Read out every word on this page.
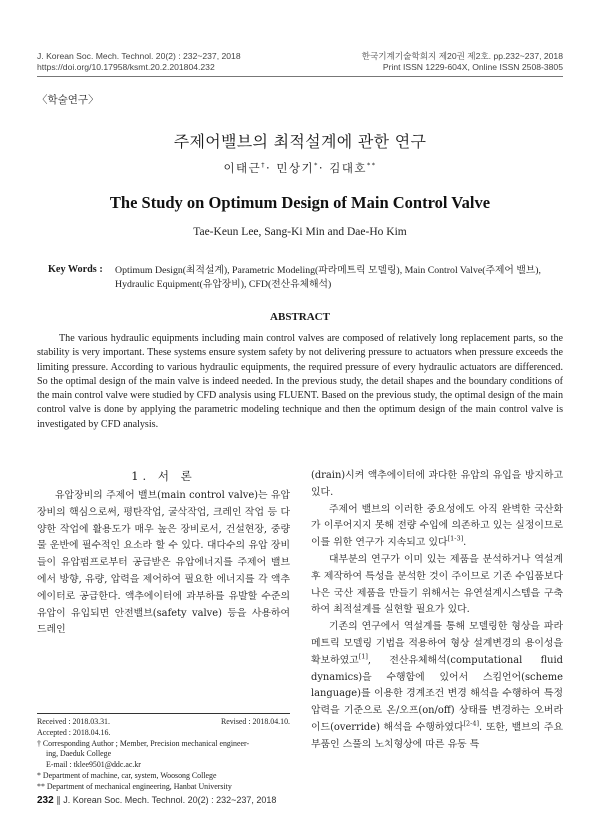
J. Korean Soc. Mech. Technol. 20(2) : 232~237, 2018
https://doi.org/10.17958/ksmt.20.2.201804.232
한국기계기술학회지 제20권 제2호. pp.232~237, 2018
Print ISSN 1229-604X, Online ISSN 2508-3805
〈학술연구〉
주제어밸브의 최적설계에 관한 연구
이태근†· 민상기*· 김대호**
The Study on Optimum Design of Main Control Valve
Tae-Keun Lee, Sang-Ki Min and Dae-Ho Kim
Key Words : Optimum Design(최적설계), Parametric Modeling(파라메트릭 모델링), Main Control Valve(주제어 밸브), Hydraulic Equipment(유압장비), CFD(전산유체해석)
ABSTRACT
The various hydraulic equipments including main control valves are composed of relatively long replacement parts, so the stability is very important. These systems ensure system safety by not delivering pressure to actuators when pressure exceeds the limiting pressure. According to various hydraulic equipments, the required pressure of every hydraulic actuators are differenced. So the optimal design of the main valve is indeed needed. In the previous study, the detail shapes and the boundary conditions of the main control valve were studied by CFD analysis using FLUENT. Based on the previous study, the optimal design of the main control valve is done by applying the parametric modeling technique and then the optimum design of the main control valve is investigated by CFD analysis.
1. 서 론

유압장비의 주제어 밸브(main control valve)는 유압장비의 핵심으로써, 평탄작업, 굴삭작업, 크레인 작업 등 다양한 작업에 활용도가 매우 높은 장비로서, 건설현장, 중량물 운반에 필수적인 요소라 할 수 있다. 대다수의 유압 장비들이 유압펌프로부터 공급받은 유압에너지를 주제어 밸브에서 방향, 유량, 압력을 제어하여 필요한 에너지를 각 액추에이터로 공급한다. 액추에이터에 과부하를 유발할 수준의 유압이 유입되면 안전밸브(safety valve) 등을 사용하여 드레인

(drain)시켜 액추에이터에 과다한 유압의 유입을 방지하고 있다.

주제어 밸브의 이러한 중요성에도 아직 완벽한 국산화가 이루어지지 못해 전량 수입에 의존하고 있는 실정이므로 이를 위한 연구가 지속되고 있다[1-3].

대부분의 연구가 이미 있는 제품을 분석하거나 역설계후 제작하여 특성을 분석한 것이 주이므로 기존 수입품보다 나은 국산 제품을 만들기 위해서는 유연설계시스템을 구축하여 최적설계를 실현할 필요가 있다.

기존의 연구에서 역설계를 통해 모델링한 형상을 파라메트릭 모델링 기법을 적용하여 형상 설계변경의 용이성을 확보하였고[1], 전산유체해석(computational fluid dynamics)을 수행함에 있어서 스킴언어(scheme language)를 이용한 경계조건 변경 해석을 수행하여 특정 압력을 기준으로 온/오프(on/off) 상태를 변경하는 오버라이드(override) 해석을 수행하였다[2-4]. 또한, 밸브의 주요 부품인 스풀의 노치형상에 따른 유동 특

Received : 2018.03.31.	Revised : 2018.04.10.
Accepted : 2018.04.16.
† Corresponding Author ; Member, Precision mechanical engineer-
ing, Daeduk College
E-mail : tklee9501@ddc.ac.kr
* Department of machine, car, system, Woosong College
** Department of mechanical engineering, Hanbat University
232 ∥ J. Korean Soc. Mech. Technol. 20(2) : 232~237, 2018
